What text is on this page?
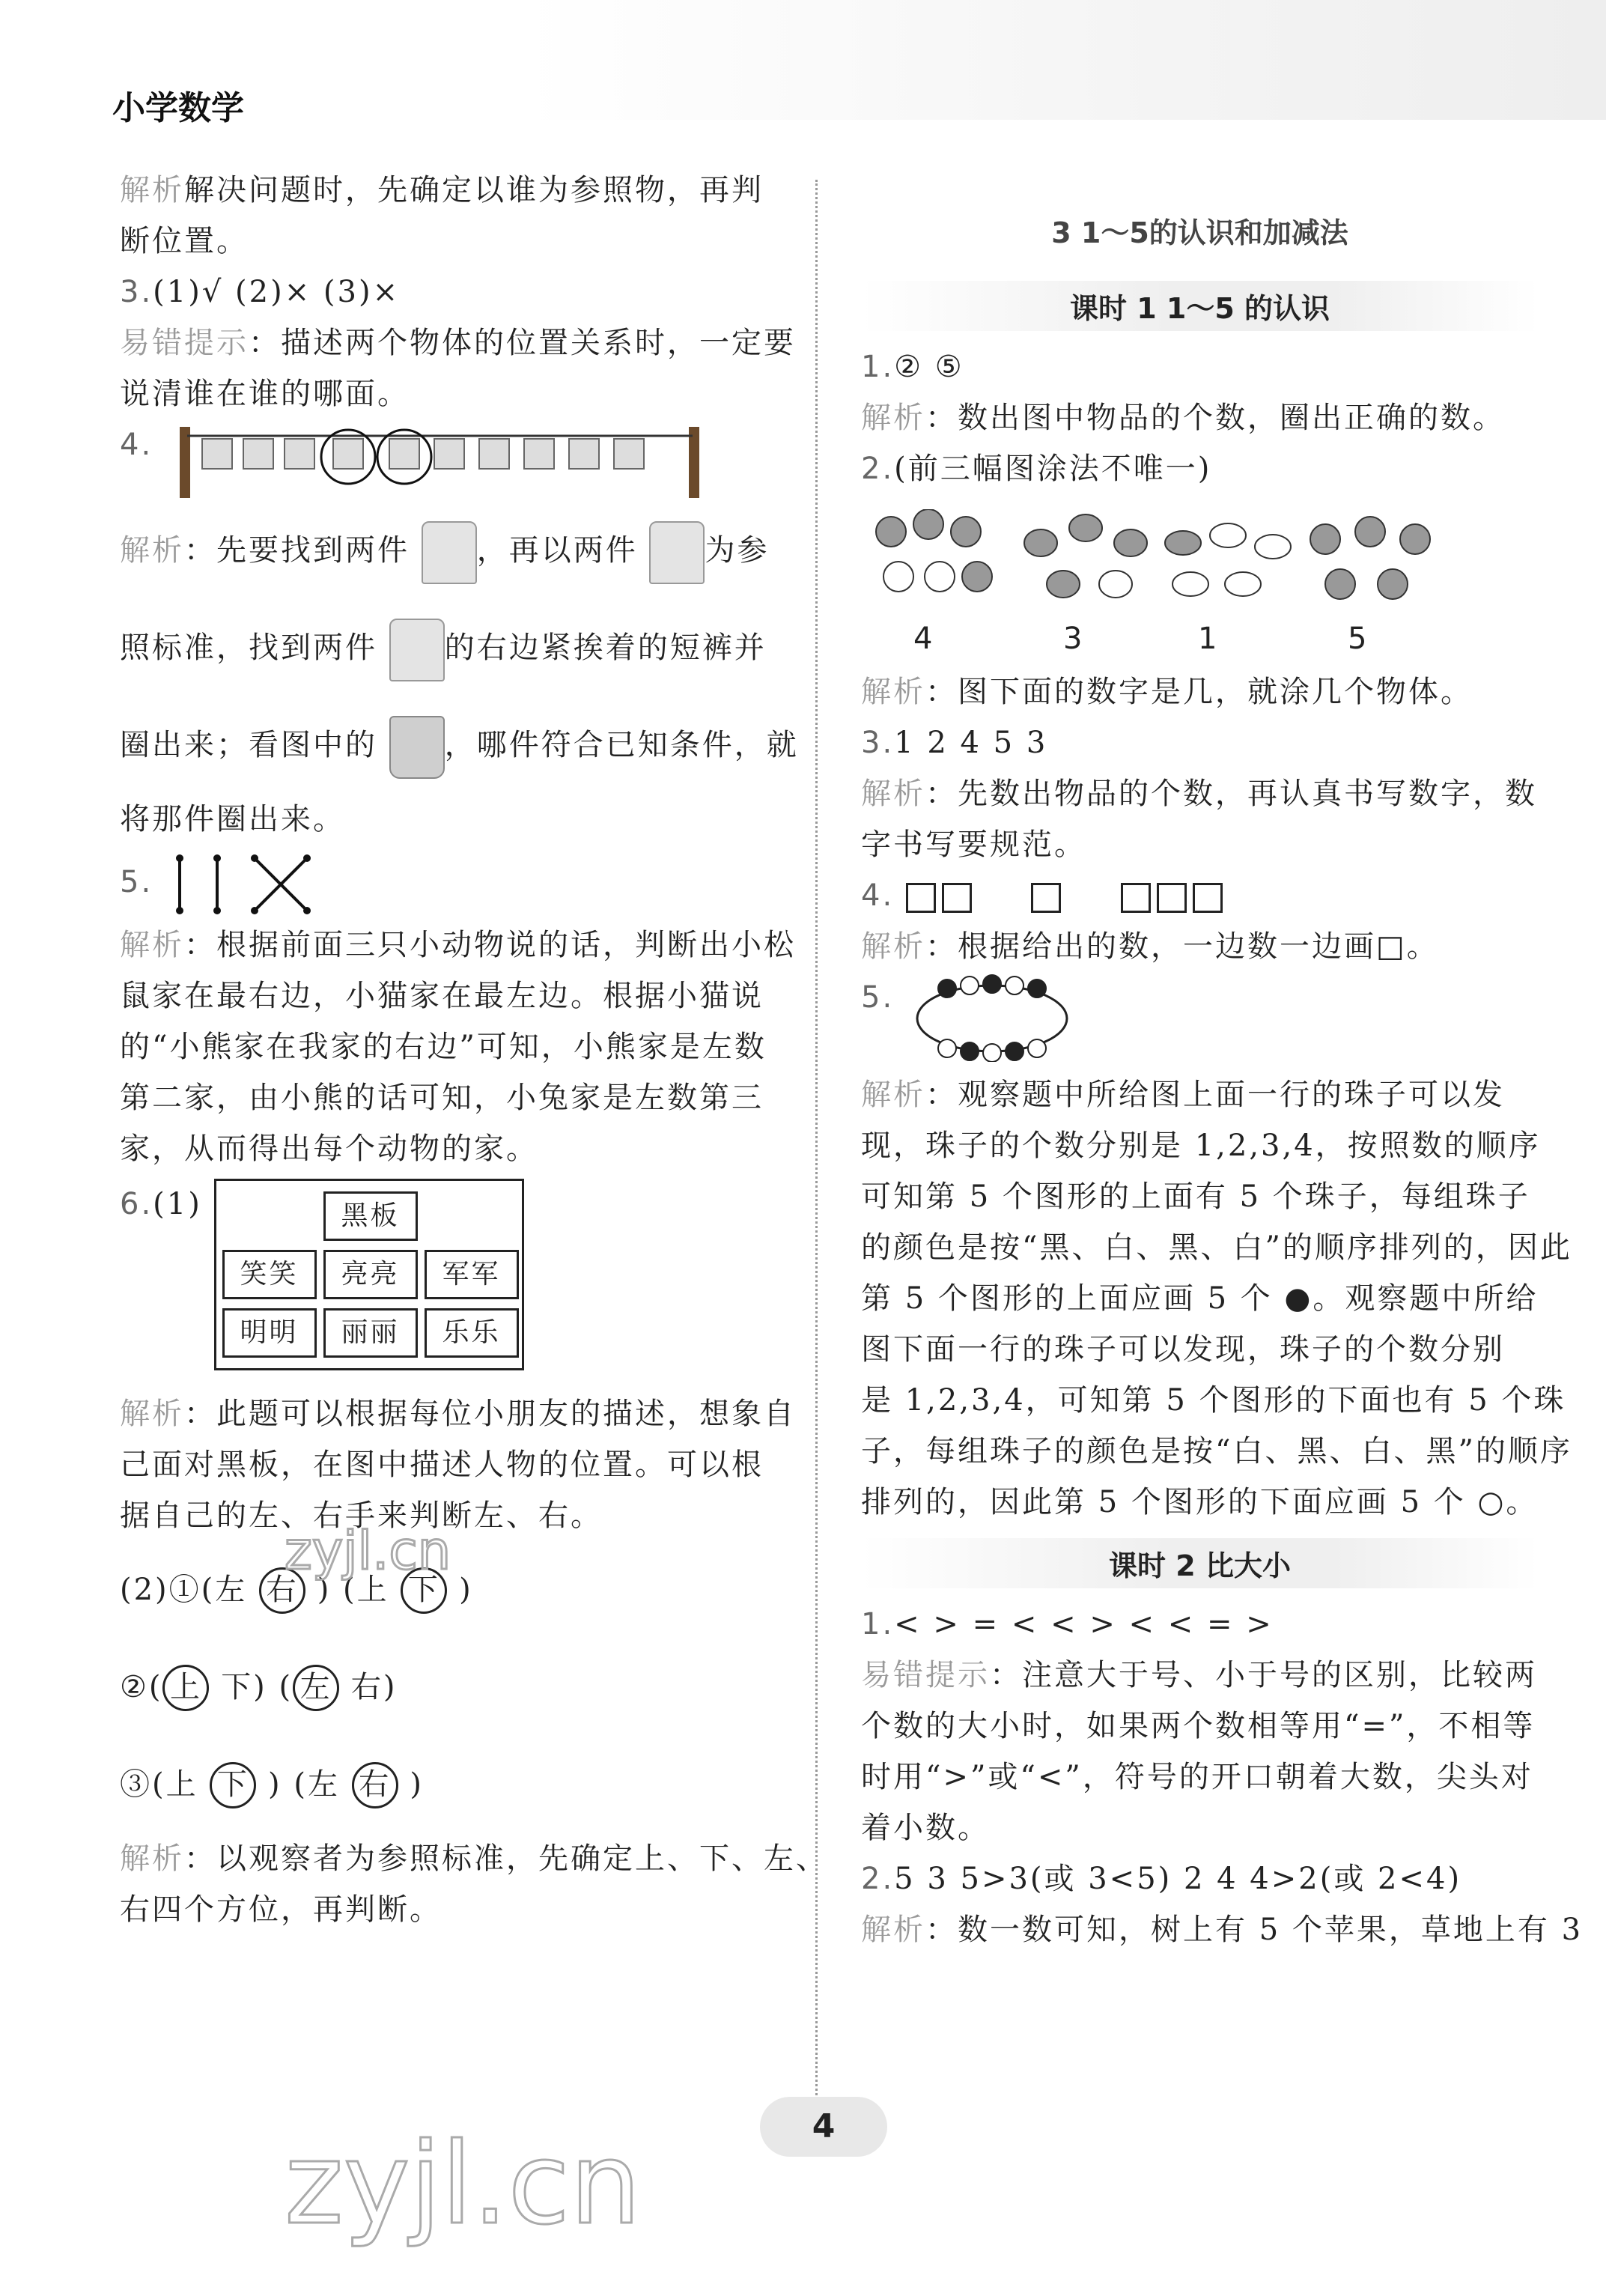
小学数学
解析解决问题时，先确定以谁为参照物，再判
断位置。
3.(1)√ (2)× (3)×
易错提示：描述两个物体的位置关系时，一定要
说清谁在谁的哪面。
4.
解析：先要找到两件 ，再以两件 为参
照标准，找到两件 的右边紧挨着的短裤并
圈出来；看图中的 ，哪件符合已知条件，就
将那件圈出来。
5.
解析：根据前面三只小动物说的话，判断出小松
鼠家在最右边，小猫家在最左边。根据小猫说
的“小熊家在我家的右边”可知，小熊家是左数
第二家，由小熊的话可知，小兔家是左数第三
家，从而得出每个动物的家。
6.(1)	黑板
笑笑	亮亮	军军
明明	丽丽	乐乐
解析：此题可以根据每位小朋友的描述，想象自
己面对黑板，在图中描述人物的位置。可以根
据自己的左、右手来判断左、右。
(2)①(左 右 ) (上 下 )
②( 上 下) ( 左 右)
③(上 下 ) (左 右 )
解析：以观察者为参照标准，先确定上、下、左、
右四个方位，再判断。
3 1～5的认识和加减法
课时 1 1～5 的认识
1.② ⑤
解析：数出图中物品的个数，圈出正确的数。
2.(前三幅图涂法不唯一)
4	3	1	5
解析：图下面的数字是几，就涂几个物体。
3.1 2 4 5 3
解析：先数出物品的个数，再认真书写数字，数
字书写要规范。
4.
解析：根据给出的数，一边数一边画□。
5.
解析：观察题中所给图上面一行的珠子可以发
现，珠子的个数分别是 1,2,3,4，按照数的顺序
可知第 5 个图形的上面有 5 个珠子，每组珠子
的颜色是按“黑、白、黑、白”的顺序排列的，因此
第 5 个图形的上面应画 5 个 ●。观察题中所给
图下面一行的珠子可以发现，珠子的个数分别
是 1,2,3,4，可知第 5 个图形的下面也有 5 个珠
子，每组珠子的颜色是按“白、黑、白、黑”的顺序
排列的，因此第 5 个图形的下面应画 5 个 ○。
课时 2 比大小
1.< > = < < > < < = >
易错提示：注意大于号、小于号的区别，比较两
个数的大小时，如果两个数相等用“=”，不相等
时用“>”或“<”，符号的开口朝着大数，尖头对
着小数。
2.5 3 5>3(或 3<5) 2 4 4>2(或 2<4)
解析：数一数可知，树上有 5 个苹果，草地上有 3
zyjl.cn
zyjl.cn	4
